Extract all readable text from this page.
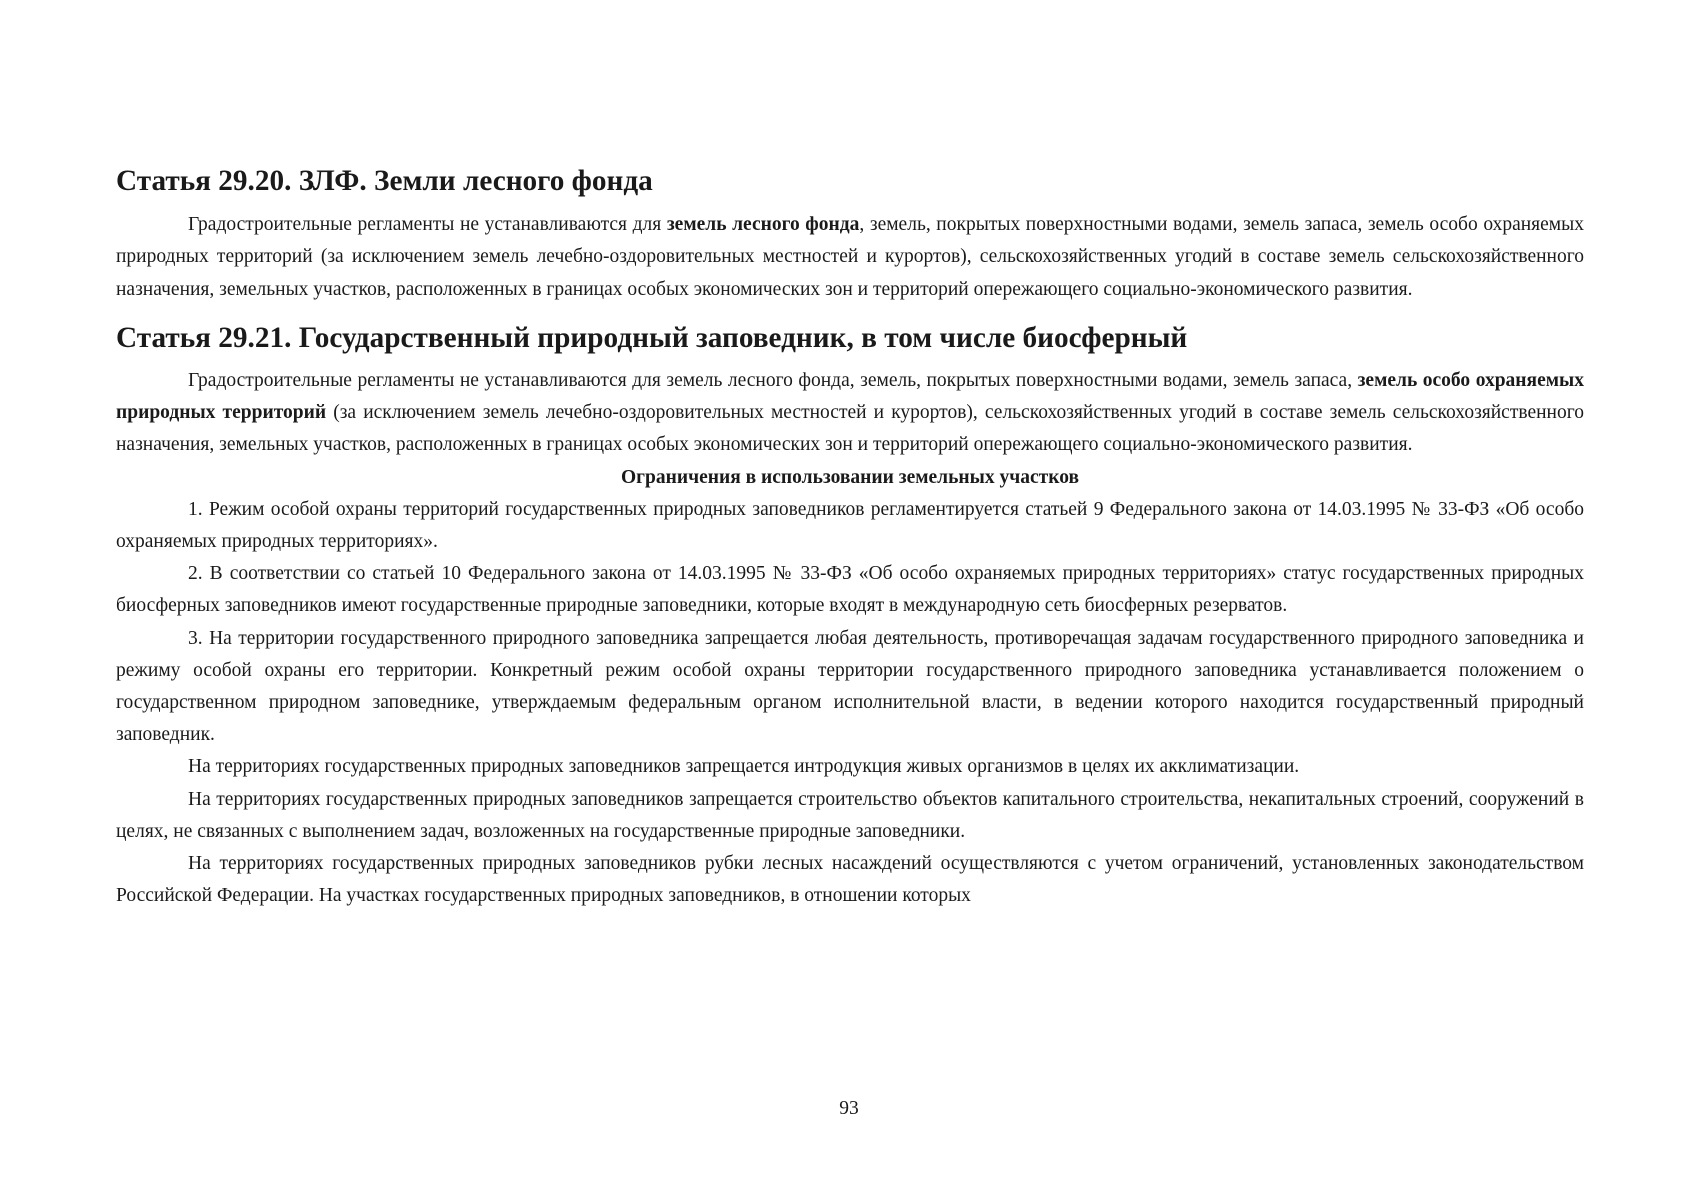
Статья 29.20. ЗЛФ. Земли лесного фонда

Градостроительные регламенты не устанавливаются для земель лесного фонда, земель, покрытых поверхностными водами, земель запаса, земель особо охраняемых природных территорий (за исключением земель лечебно-оздоровительных местностей и курортов), сельскохозяйственных угодий в составе земель сельскохозяйственного назначения, земельных участков, расположенных в границах особых экономических зон и территорий опережающего социально-экономического развития.

Статья 29.21. Государственный природный заповедник, в том числе биосферный

Градостроительные регламенты не устанавливаются для земель лесного фонда, земель, покрытых поверхностными водами, земель запаса, земель особо охраняемых природных территорий (за исключением земель лечебно-оздоровительных местностей и курортов), сельскохозяйственных угодий в составе земель сельскохозяйственного назначения, земельных участков, расположенных в границах особых экономических зон и территорий опережающего социально-экономического развития.

Ограничения в использовании земельных участков

1. Режим особой охраны территорий государственных природных заповедников регламентируется статьей 9 Федерального закона от 14.03.1995 № 33-ФЗ «Об особо охраняемых природных территориях».

2. В соответствии со статьей 10 Федерального закона от 14.03.1995 № 33-ФЗ «Об особо охраняемых природных территориях» статус государственных природных биосферных заповедников имеют государственные природные заповедники, которые входят в международную сеть биосферных резерватов.

3. На территории государственного природного заповедника запрещается любая деятельность, противоречащая задачам государственного природного заповедника и режиму особой охраны его территории. Конкретный режим особой охраны территории государственного природного заповедника устанавливается положением о государственном природном заповеднике, утверждаемым федеральным органом исполнительной власти, в ведении которого находится государственный природный заповедник.

На территориях государственных природных заповедников запрещается интродукция живых организмов в целях их акклиматизации.

На территориях государственных природных заповедников запрещается строительство объектов капитального строительства, некапитальных строений, сооружений в целях, не связанных с выполнением задач, возложенных на государственные природные заповедники.

На территориях государственных природных заповедников рубки лесных насаждений осуществляются с учетом ограничений, установленных законодательством Российской Федерации. На участках государственных природных заповедников, в отношении которых

93
